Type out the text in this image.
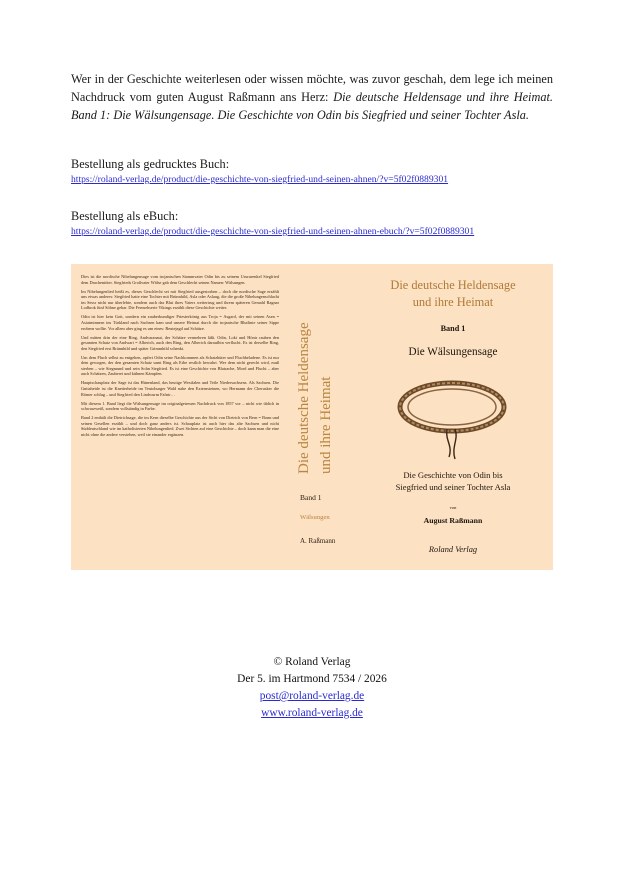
Wer in der Geschichte weiterlesen oder wissen möchte, was zuvor geschah, dem lege ich meinen Nachdruck vom guten August Raßmann ans Herz: Die deutsche Heldensage und ihre Heimat. Band 1: Die Wälsungensage. Die Geschichte von Odin bis Siegfried und seiner Tochter Asla.
Bestellung als gedrucktes Buch:
https://roland-verlag.de/product/die-geschichte-von-siegfried-und-seinen-ahnen/?v=5f02f0889301
Bestellung als eBuch:
https://roland-verlag.de/product/die-geschichte-von-siegfried-und-seinen-ahnen-ebuch/?v=5f02f0889301

Dies ist die nordische Nibelungensage vom trojanischen Stammvater Odin bis zu seinem Urururenkel Siegfried dem Drachentöter. Siegfrieds Großvater Wälse gab dem Geschlecht seinen Namen: Wälsungen.

Im Nibelungenlied heißt es, dieses Geschlecht sei mit Siegfried ausgestorben – doch die nordische Sage erzählt uns etwas anderes: Siegfried hatte eine Tochter mit Brünnhild, Asla oder Aslaug, die die große Nibelungenschlacht im Sessr nicht nur überlebte, sondern auch das Blut ihres Vaters weitertrug und ihrem späteren Gemahl Ragnar Lodbrok fünf Söhne gebar. Die Fernsehserie Vikings erzählt diese Geschichte weiter.

Odin ist hier kein Gott, sondern ein zauberkundiger Priesterkönig aus Troja = Asgard, der mit seinen Asen = Asiatminnern ins Türkland nach Sachsen kam und unsere Heimat durch die trojanische Blutlinie seiner Sippe erobern wollte. Vor allem aber ging es um eines: Beutejagd auf Schätze.

Und mitten drin der eine Ring, Andvaranaut, der Schätze vermehren läßt. Odin, Loki und Hönir rauben den gesamten Schatz von Andwari = Alberich, auch den Ring, den Alberich daraufhin verflucht. Es ist derselbe Ring, den Siegfried erst Brünnhild und später Grimmhild schenkt.

Um dem Fluch selbst zu entgehen, opfert Odin seine Nachkommen als Schatzhüter und Fluchbeladene. Es ist nur dem gewogen, der den gesamten Schatz samt Ring als Erbe restlich bewahrt. Wer dem nicht gerecht wird, muß sterben – wie Siegmund und sein Sohn Siegfried. Es ist eine Geschichte von Blutrache, Mord und Flucht – aber auch Schätzen, Zauberei und kühnen Kämpfen.

Hauptschauplatz der Sage ist das Hünenland, das heutige Westfalen und Teile Niedersachsens. Als Sachsen. Die Gnitaheide ist die Knetterheide im Teutoburger Wald nahe den Externsteinen, wo Hermann der Cherusker die Römer schlug – und Siegfried den Lindwurm Fafnir…

Mit diesem 1. Band liegt die Wälsungensage im originalgetreuen Nachdruck von 1857 vor – nicht wie üblich in schwarzweiß, sondern vollständig in Farbe.

Band 2 enthält die Dietrichsage, die im Kern dieselbe Geschichte aus der Sicht von Dietrich von Bern = Bonn und seinen Gesellen erzählt – und doch ganz anders ist. Schauplatz ist auch hier das alte Sachsen und nicht Süddeutschland wie im katholisierten Nibelungenlied. Zwei Sichten auf eine Geschichte – doch kann man die eine nicht ohne die andere verstehen, weil sie einander ergänzen.	Die deutsche Heldensage und ihre Heimat
Band 1
Wälsungen
A. Raßmann
Die deutsche Heldensage
und ihre Heimat
Band 1
Die Wälsungensage
Die Geschichte von Odin bis
Siegfried und seiner Tochter Asla
von
August Raßmann
Roland Verlag
© Roland Verlag
Der 5. im Hartmond 7534 / 2026
post@roland-verlag.de
www.roland-verlag.de
